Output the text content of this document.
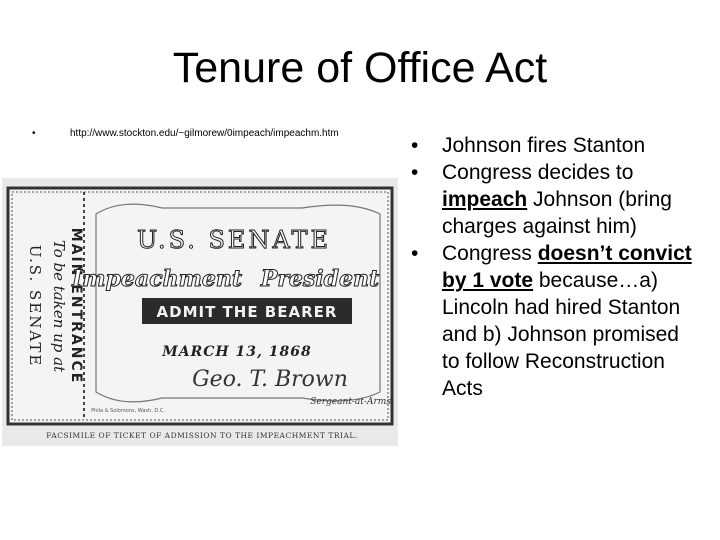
Tenure of Office Act
•	http://www.stockton.edu/~gilmorew/0impeach/impeachm.htm
U.S. SENATE To be taken up at MAIN ENTRANCE U.S. SENATE
Impeachment President
ADMIT THE BEARER
MARCH 13, 1868
Geo. T. Brown
Sergeant-at-Arms.
Phila & Solomons, Wash. D.C.
FACSIMILE OF TICKET OF ADMISSION TO THE IMPEACHMENT TRIAL.

• Johnson fires Stanton

• Congress decides to impeach Johnson (bring charges against him)

• Congress doesn’t convict by 1 vote because…a) Lincoln had hired Stanton and b) Johnson promised to follow Reconstruction Acts
